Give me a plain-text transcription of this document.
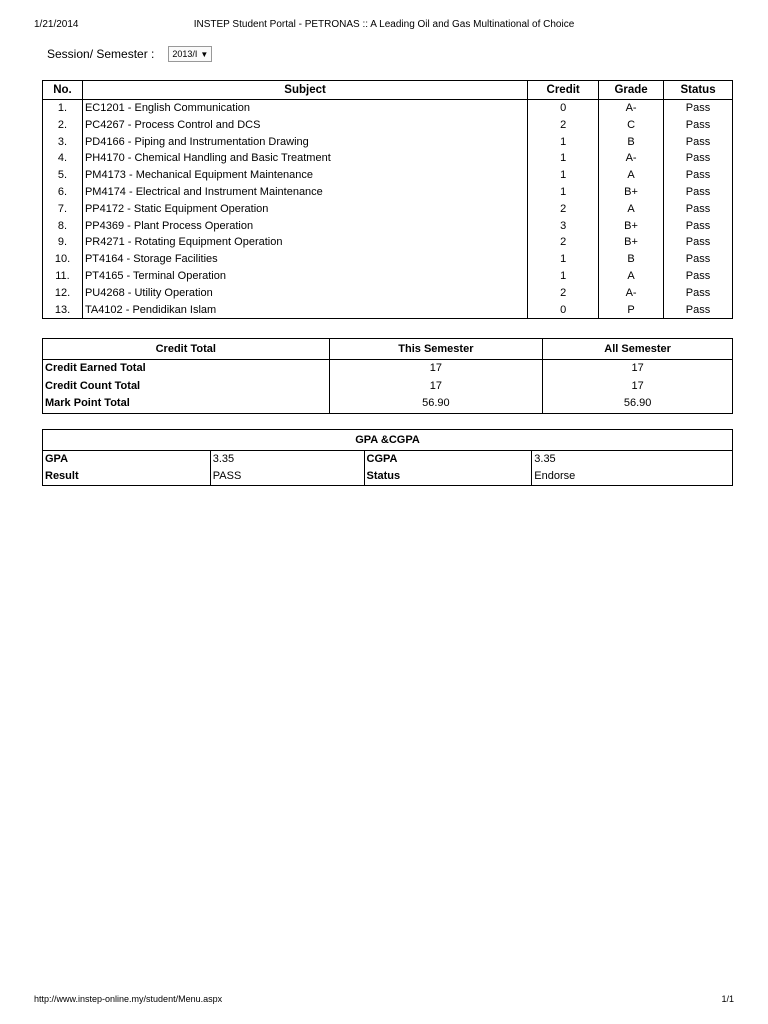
1/21/2014	INSTEP Student Portal - PETRONAS :: A Leading Oil and Gas Multinational of Choice
Session/ Semester : 2013/I ▼
No.	Subject	Credit	Grade	Status
1.	EC1201 - English Communication	0	A-	Pass
2.	PC4267 - Process Control and DCS	2	C	Pass
3.	PD4166 - Piping and Instrumentation Drawing	1	B	Pass
4.	PH4170 - Chemical Handling and Basic Treatment	1	A-	Pass
5.	PM4173 - Mechanical Equipment Maintenance	1	A	Pass
6.	PM4174 - Electrical and Instrument Maintenance	1	B+	Pass
7.	PP4172 - Static Equipment Operation	2	A	Pass
8.	PP4369 - Plant Process Operation	3	B+	Pass
9.	PR4271 - Rotating Equipment Operation	2	B+	Pass
10.	PT4164 - Storage Facilities	1	B	Pass
11.	PT4165 - Terminal Operation	1	A	Pass
12.	PU4268 - Utility Operation	2	A-	Pass
13.	TA4102 - Pendidikan Islam	0	P	Pass
Credit Total	This Semester	All Semester
Credit Earned Total	17	17
Credit Count Total	17	17
Mark Point Total	56.90	56.90
GPA &CGPA			
GPA	3.35	CGPA	3.35
Result	PASS	Status	Endorse
http://www.instep-online.my/student/Menu.aspx	1/1
